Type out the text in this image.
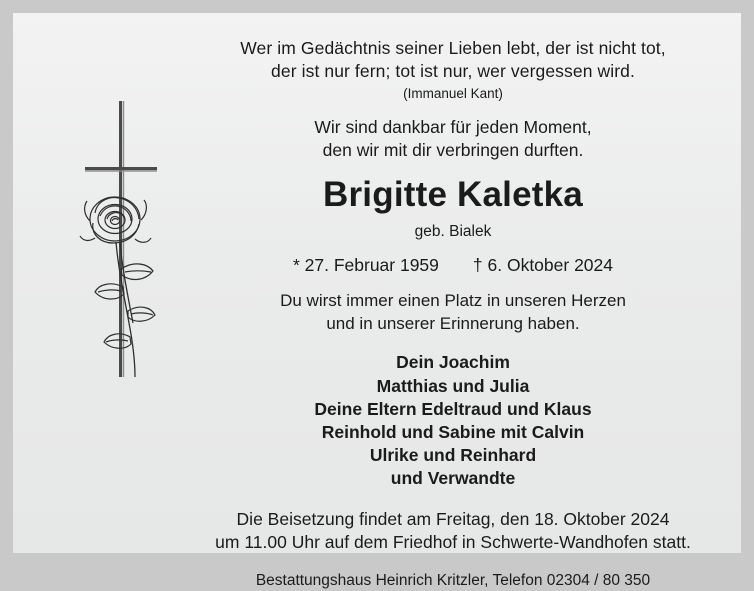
Wer im Gedächtnis seiner Lieben lebt, der ist nicht tot,
der ist nur fern; tot ist nur, wer vergessen wird.
(Immanuel Kant)
Wir sind dankbar für jeden Moment,
den wir mit dir verbringen durften.
Brigitte Kaletka
geb. Bialek
* 27. Februar 1959 † 6. Oktober 2024
Du wirst immer einen Platz in unseren Herzen
und in unserer Erinnerung haben.
Dein Joachim
Matthias und Julia
Deine Eltern Edeltraud und Klaus
Reinhold und Sabine mit Calvin
Ulrike und Reinhard
und Verwandte
Die Beisetzung findet am Freitag, den 18. Oktober 2024
um 11.00 Uhr auf dem Friedhof in Schwerte-Wandhofen statt.
Bestattungshaus Heinrich Kritzler, Telefon 02304 / 80 350
